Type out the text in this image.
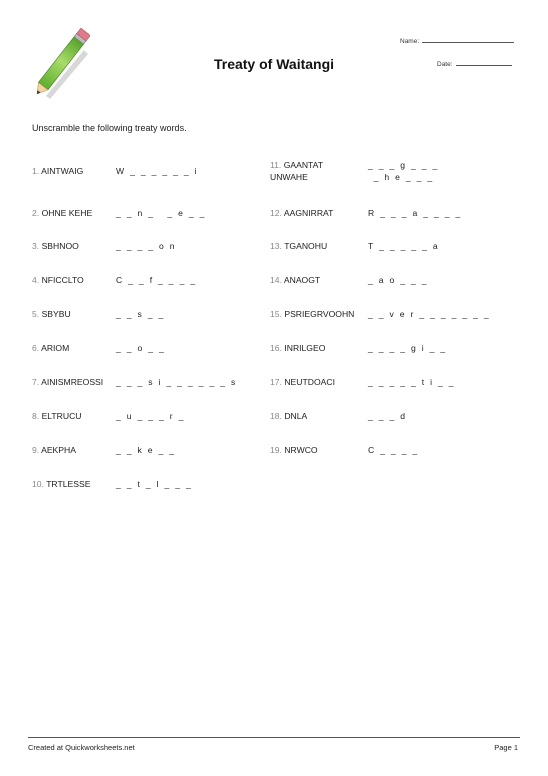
Treaty of Waitangi
Name:
Date:
Unscramble the following treaty words.
1. AINTWAIG	W  _  _  _  _  _  _  i
2. OHNE KEHE	_  _  n  _     _  e  _  _
3. SBHNOO	_  _  _  _  o  n
4. NFICCLTO	C  _  _  f  _  _  _  _
5. SBYBU	_  _  s  _  _
6. ARIOM	_  _  o  _  _
7. AINISMREOSSI _  _  _  s  i  _  _  _  _  _  _  s
8. ELTRUCU	_  u  _  _  _  r  _
9. AEKPHA	_  _  k  e  _  _
10. TRTLESSE	_  _  t  _  l  _  _  _
11. GAANTAT	_  _  _  g  _  _  _
UNWAHE	_  h  e  _  _  _
12. AAGNIRRAT	R  _  _  _  a  _  _  _  _
13. TGANOHU	T  _  _  _  _  _  a
14. ANAOGT	_  a  o  _  _  _
15. PSRIEGRVOOHN _  _  v  e  r  _  _  _  _  _  _  _
16. INRILGEO	_  _  _  _  g  i  _  _
17. NEUTDOACI	_  _  _  _  _  t  i  _  _
18. DNLA	_  _  _  d
19. NRWCO	C  _  _  _  _
Created at Quickworksheets.net	Page 1
